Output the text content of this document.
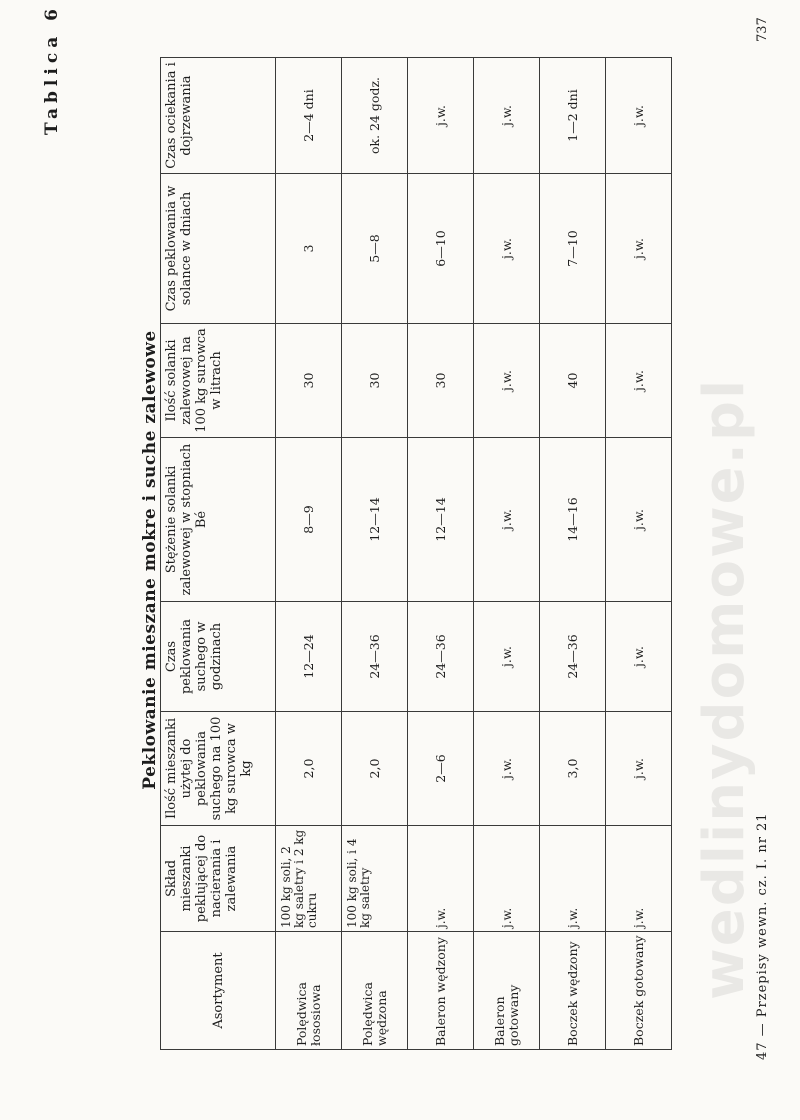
Tablica 6
Peklowanie mieszane mokre i suche zalewowe
Asortyment	Skład mieszanki peklującej do nacierania i zalewania	Ilość mieszanki użytej do peklowania suchego na 100 kg surowca w kg	Czas peklowania suchego w godzinach	Stężenie solanki zalewowej w stopniach Bé	Ilość solanki zalewowej na 100 kg surowca w litrach	Czas peklowania w solance w dniach	Czas ociekania i dojrzewania
Polędwica łososiowa	100 kg soli, 2 kg saletry i 2 kg cukru	2,0	12—24	8—9	30	3	2—4 dni
Polędwica wędzona	100 kg soli, i 4 kg saletry	2,0	24—36	12—14	30	5—8	ok. 24 godz.
Baleron wędzony	j.w.	2—6	24—36	12—14	30	6—10	j.w.
Baleron gotowany	j.w.	j.w.	j.w.	j.w.	j.w.	j.w.	j.w.
Boczek wędzony	j.w.	3,0	24—36	14—16	40	7—10	1—2 dni
Boczek gotowany	j.w.	j.w.	j.w.	j.w.	j.w.	j.w.	j.w.
wedlinydomowe.pl
47 — Przepisy wewn. cz. I. nr 21
737
